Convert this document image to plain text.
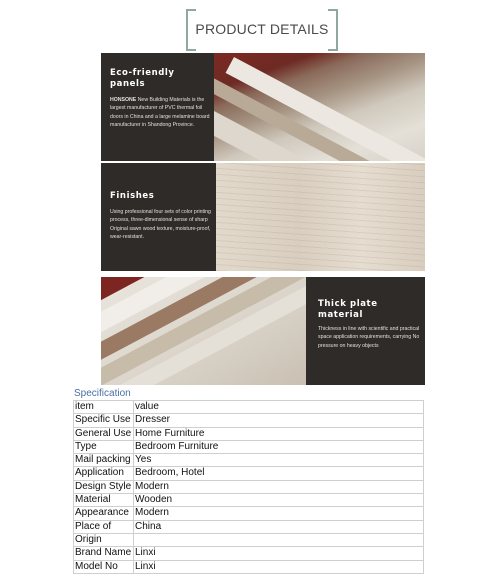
PRODUCT DETAILS
Eco-friendly
panels

HONSONE New Building Materials is the largest manufacturer of PVC thermal foil doors in China and a large melamine board manufacturer in Shandong Province.

Finishes

Using professional four sets of color printing process, three-dimensional sense of sharp Original sawn wood texture, moisture-proof, wear-resistant.

Thick plate
material

Thickness in line with scientific and practical space application requirements, carrying No pressure on heavy objects

Specification
item	value
Specific Use	Dresser
General Use	Home Furniture
Type	Bedroom Furniture
Mail packing	Yes
Application	Bedroom, Hotel
Design Style	Modern
Material	Wooden
Appearance	Modern
Place of	China
Origin	
Brand Name	Linxi
Model No	Linxi
